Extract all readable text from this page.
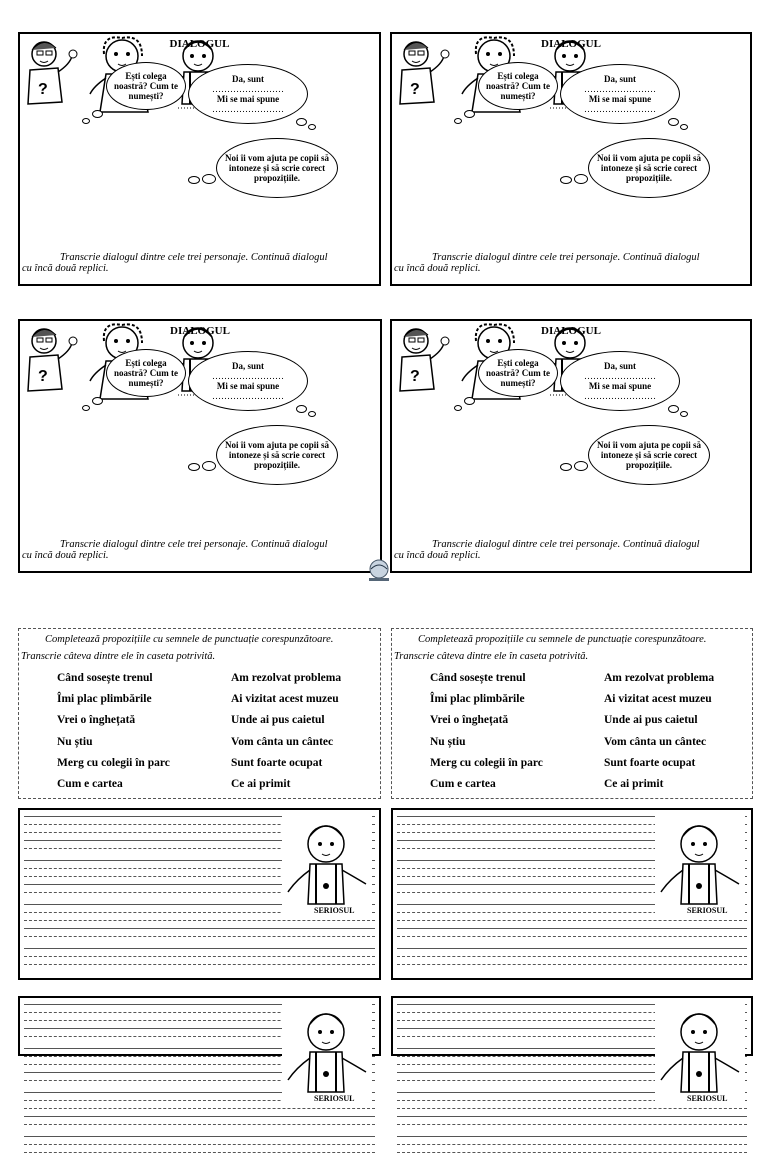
DIALOGUL
Ești colega noastră? Cum te numești?
Da, sunt
……………………
Mi se mai spune
……………………
Noi îi vom ajuta pe copii să intoneze și să scrie corect propozițiile.
?

Transcrie dialogul dintre cele trei personaje. Continuă dialogul
cu încă două replici.
DIALOGUL
Ești colega noastră? Cum te numești?
Da, sunt
……………………
Mi se mai spune
……………………
Noi îi vom ajuta pe copii să intoneze și să scrie corect propozițiile.
?

Transcrie dialogul dintre cele trei personaje. Continuă dialogul
cu încă două replici.
DIALOGUL
Ești colega noastră? Cum te numești?
Da, sunt
……………………
Mi se mai spune
……………………
Noi îi vom ajuta pe copii să intoneze și să scrie corect propozițiile.
?

Transcrie dialogul dintre cele trei personaje. Continuă dialogul
cu încă două replici.
DIALOGUL
Ești colega noastră? Cum te numești?
Da, sunt
……………………
Mi se mai spune
……………………
Noi îi vom ajuta pe copii să intoneze și să scrie corect propozițiile.
?

Transcrie dialogul dintre cele trei personaje. Continuă dialogul
cu încă două replici.
Completează propozițiile cu semnele de punctuație corespunzătoare.
Transcrie câteva dintre ele în caseta potrivită.
Când sosește trenul
Îmi plac plimbările
Vrei o înghețată
Nu știu
Merg cu colegii în parc
Cum e cartea
Am rezolvat problema
Ai vizitat acest muzeu
Unde ai pus caietul
Vom cânta un cântec
Sunt foarte ocupat
Ce ai primit
Completează propozițiile cu semnele de punctuație corespunzătoare.
Transcrie câteva dintre ele în caseta potrivită.
Când sosește trenul
Îmi plac plimbările
Vrei o înghețată
Nu știu
Merg cu colegii în parc
Cum e cartea
Am rezolvat problema
Ai vizitat acest muzeu
Unde ai pus caietul
Vom cânta un cântec
Sunt foarte ocupat
Ce ai primit
SERIOSUL	SERIOSUL
SERIOSUL	SERIOSUL
